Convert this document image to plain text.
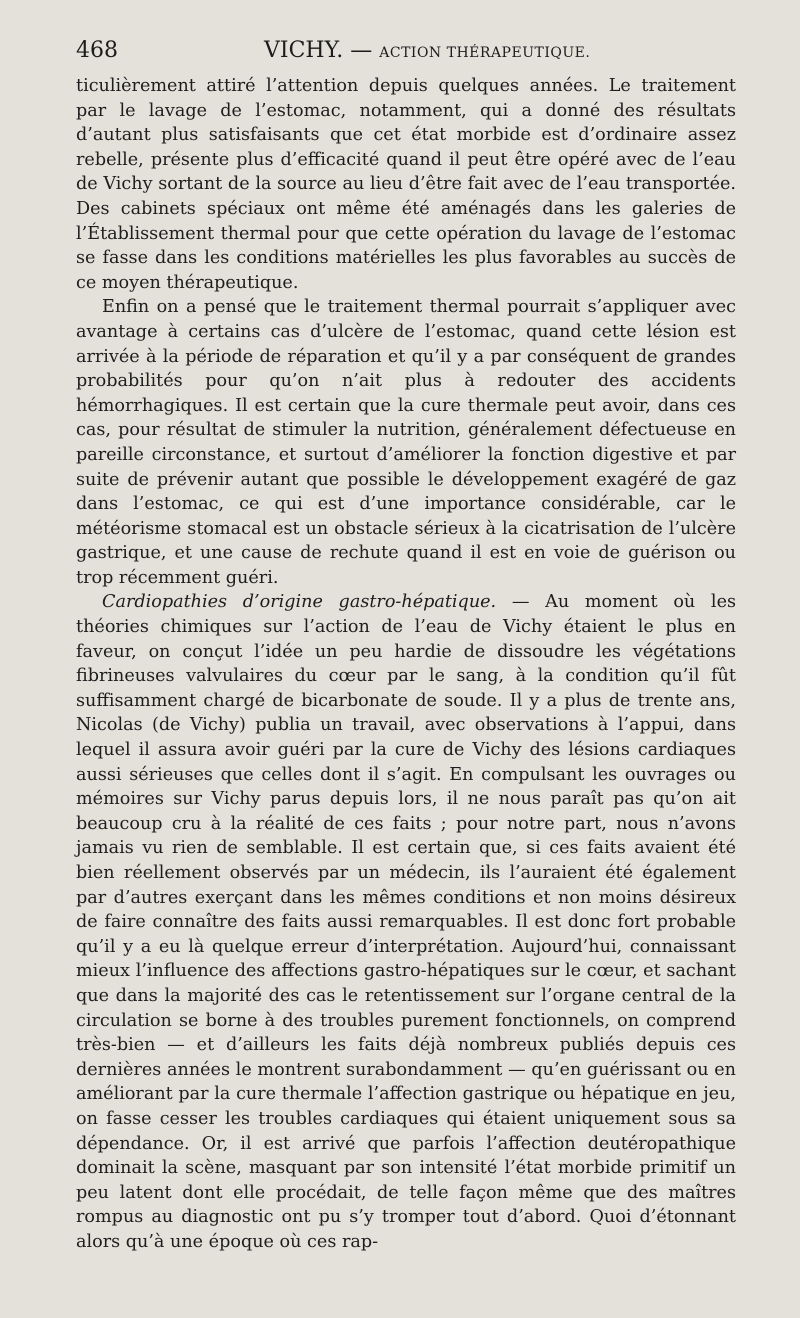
468	VICHY. — ACTION THÉRAPEUTIQUE.

ticulièrement attiré l’attention depuis quelques années. Le traitement par le lavage de l’estomac, notamment, qui a donné des résultats d’autant plus satisfaisants que cet état morbide est d’ordinaire assez rebelle, présente plus d’efficacité quand il peut être opéré avec de l’eau de Vichy sortant de la source au lieu d’être fait avec de l’eau transportée. Des cabinets spéciaux ont même été aménagés dans les galeries de l’Établissement thermal pour que cette opération du lavage de l’estomac se fasse dans les conditions matérielles les plus favorables au succès de ce moyen thérapeutique.

Enfin on a pensé que le traitement thermal pourrait s’appliquer avec avantage à certains cas d’ulcère de l’estomac, quand cette lésion est arrivée à la période de réparation et qu’il y a par conséquent de grandes probabilités pour qu’on n’ait plus à redouter des accidents hémorrhagiques. Il est certain que la cure thermale peut avoir, dans ces cas, pour résultat de stimuler la nutrition, généralement défectueuse en pareille circonstance, et surtout d’améliorer la fonction digestive et par suite de prévenir autant que possible le développement exagéré de gaz dans l’estomac, ce qui est d’une importance considérable, car le météorisme stomacal est un obstacle sérieux à la cicatrisation de l’ulcère gastrique, et une cause de rechute quand il est en voie de guérison ou trop récemment guéri.

Cardiopathies d’origine gastro-hépatique. — Au moment où les théories chimiques sur l’action de l’eau de Vichy étaient le plus en faveur, on conçut l’idée un peu hardie de dissoudre les végétations fibrineuses valvulaires du cœur par le sang, à la condition qu’il fût suffisamment chargé de bicarbonate de soude. Il y a plus de trente ans, Nicolas (de Vichy) publia un travail, avec observations à l’appui, dans lequel il assura avoir guéri par la cure de Vichy des lésions cardiaques aussi sérieuses que celles dont il s’agit. En compulsant les ouvrages ou mémoires sur Vichy parus depuis lors, il ne nous paraît pas qu’on ait beaucoup cru à la réalité de ces faits ; pour notre part, nous n’avons jamais vu rien de semblable. Il est certain que, si ces faits avaient été bien réellement observés par un médecin, ils l’auraient été également par d’autres exerçant dans les mêmes conditions et non moins désireux de faire connaître des faits aussi remarquables. Il est donc fort probable qu’il y a eu là quelque erreur d’interprétation. Aujourd’hui, connaissant mieux l’influence des affections gastro-hépatiques sur le cœur, et sachant que dans la majorité des cas le retentissement sur l’organe central de la circulation se borne à des troubles purement fonctionnels, on comprend très-bien — et d’ailleurs les faits déjà nombreux publiés depuis ces dernières années le montrent surabondamment — qu’en guérissant ou en améliorant par la cure thermale l’affection gastrique ou hépatique en jeu, on fasse cesser les troubles cardiaques qui étaient uniquement sous sa dépendance. Or, il est arrivé que parfois l’affection deutéropathique dominait la scène, masquant par son intensité l’état morbide primitif un peu latent dont elle procédait, de telle façon même que des maîtres rompus au diagnostic ont pu s’y tromper tout d’abord. Quoi d’étonnant alors qu’à une époque où ces rap-
